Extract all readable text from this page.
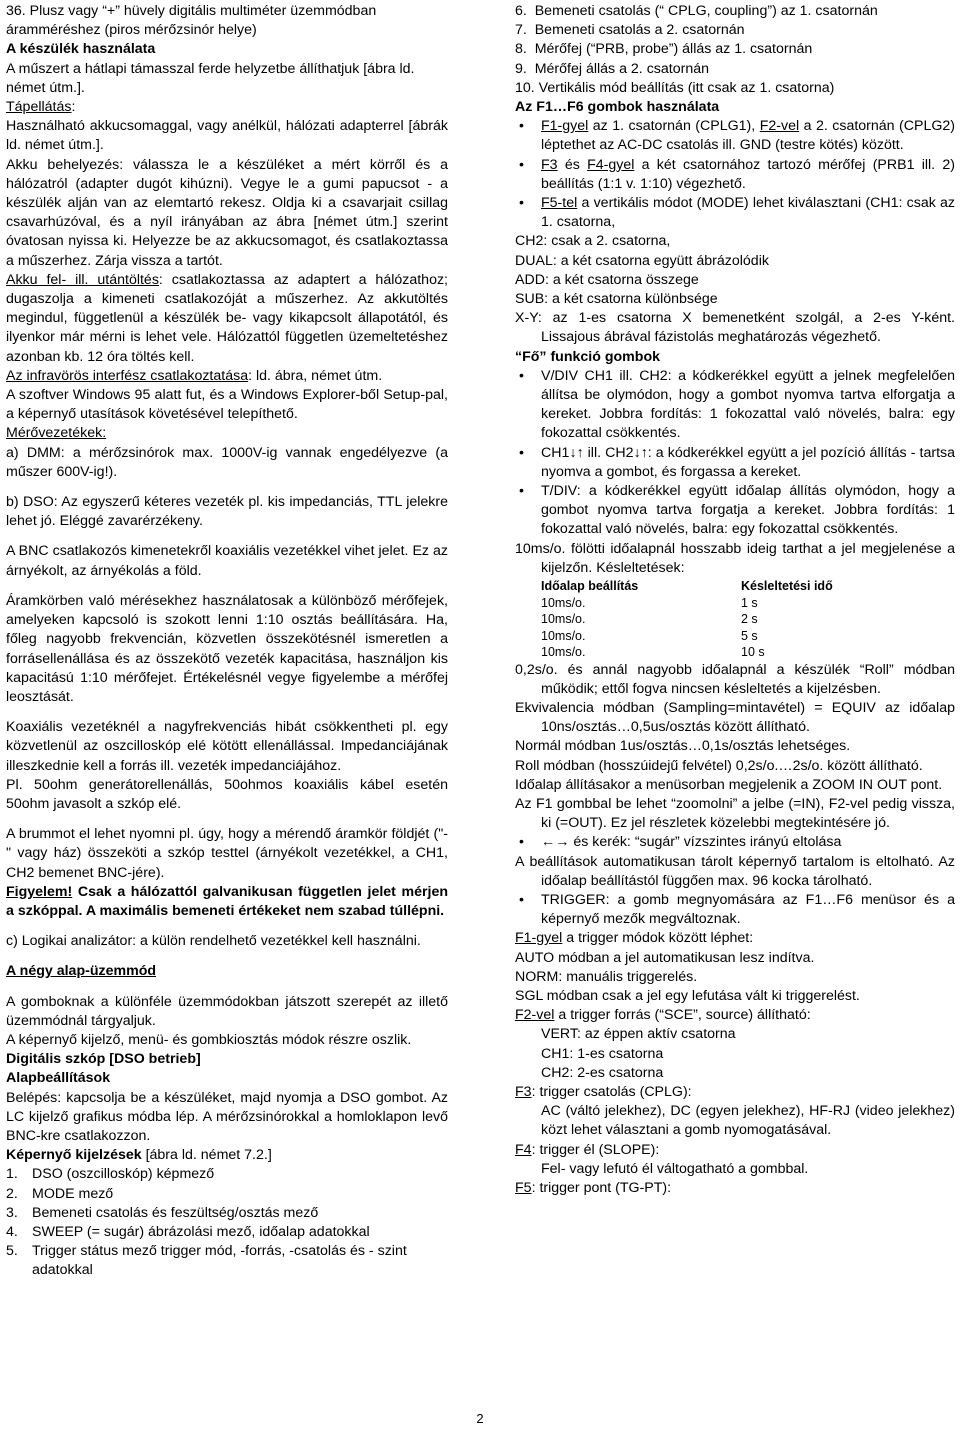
36. Plusz vagy “+” hüvely digitális multiméter üzemmódban áramméréshez (piros mérőzsinór helye)

A készülék használata

A műszert a hátlapi támasszal ferde helyzetbe állíthatjuk [ábra ld. német útm.].

Tápellátás:

Használható akkucsomaggal, vagy anélkül, hálózati adapterrel [ábrák ld. német útm.].

Akku behelyezés: válassza le a készüléket a mért körről és a hálózatról (adapter dugót kihúzni). Vegye le a gumi papucsot - a készülék alján van az elemtartó rekesz. Oldja ki a csavarjait csillag csavarhúzóval, és a nyíl irányában az ábra [német útm.] szerint óvatosan nyissa ki. Helyezze be az akkucsomagot, és csatlakoztassa a műszerhez. Zárja vissza a tartót.

Akku fel- ill. utántöltés: csatlakoztassa az adaptert a hálózathoz; dugaszolja a kimeneti csatlakozóját a műszerhez. Az akkutöltés megindul, függetlenül a készülék be- vagy kikapcsolt állapotától, és ilyenkor már mérni is lehet vele. Hálózattól független üzemeltetéshez azonban kb. 12 óra töltés kell.

Az infravörös interfész csatlakoztatása: ld. ábra, német útm.

A szoftver Windows 95 alatt fut, és a Windows Explorer-ből Setup-pal, a képernyő utasítások követésével telepíthető.

Mérővezetékek:

a) DMM: a mérőzsinórok max. 1000V-ig vannak engedélyezve (a műszer 600V-ig!).

b) DSO: Az egyszerű kéteres vezeték pl. kis impedanciás, TTL jelekre lehet jó. Eléggé zavarérzékeny.

A BNC csatlakozós kimenetekről koaxiális vezetékkel vihet jelet. Ez az árnyékolt, az árnyékolás a föld.

Áramkörben való mérésekhez használatosak a különböző mérőfejek, amelyeken kapcsoló is szokott lenni 1:10 osztás beállítására. Ha, főleg nagyobb frekvencián, közvetlen összekötésnél ismeretlen a forrásellenállása és az összekötő vezeték kapacitása, használjon kis kapacitású 1:10 mérőfejet. Értékelésnél vegye figyelembe a mérőfej leosztását.

Koaxiális vezetéknél a nagyfrekvenciás hibát csökkentheti pl. egy közvetlenül az oszcilloskóp elé kötött ellenállással. Impedanciájának illeszkednie kell a forrás ill. vezeték impedanciájához.

Pl. 50ohm generátorellenállás, 50ohmos koaxiális kábel esetén 50ohm javasolt a szkóp elé.

A brummot el lehet nyomni pl. úgy, hogy a mérendő áramkör földjét ("-" vagy ház) összeköti a szkóp testtel (árnyékolt vezetékkel, a CH1, CH2 bemenet BNC-jére).

Figyelem! Csak a hálózattól galvanikusan független jelet mérjen a szkóppal. A maximális bemeneti értékeket nem szabad túllépni.

c) Logikai analizátor: a külön rendelhető vezetékkel kell használni.

A négy alap-üzemmód

A gomboknak a különféle üzemmódokban játszott szerepét az illető üzemmódnál tárgyaljuk.

A képernyő kijelző, menü- és gombkiosztás módok részre oszlik.

Digitális szkóp [DSO betrieb]

Alapbeállítások

Belépés: kapcsolja be a készüléket, majd nyomja a DSO gombot. Az LC kijelző grafikus módba lép. A mérőzsinórokkal a homloklapon levő BNC-kre csatlakozzon.

Képernyő kijelzések [ábra ld. német 7.2.]

1. DSO (oszcilloskóp) képmező

2. MODE mező

3. Bemeneti csatolás és feszültség/osztás mező

4. SWEEP (= sugár) ábrázolási mező, időalap adatokkal

5. Trigger státus mező trigger mód, -forrás, -csatolás és - szint adatokkal

6.  Bemeneti csatolás (“ CPLG, coupling”) az 1. csatornán

7.  Bemeneti csatolás a 2. csatornán

8.  Mérőfej (“PRB, probe”) állás az 1. csatornán

9.  Mérőfej állás a 2. csatornán

10. Vertikális mód beállítás (itt csak az 1. csatorna)

Az F1…F6 gombok használata

• F1-gyel az 1. csatornán (CPLG1), F2-vel a 2. csatornán (CPLG2) léptethet az AC-DC csatolás ill. GND (testre kötés) között.

• F3 és F4-gyel a két csatornához tartozó mérőfej (PRB1 ill. 2) beállítás (1:1 v. 1:10) végezhető.

• F5-tel a vertikális módot (MODE) lehet kiválasztani (CH1: csak az 1. csatorna,

CH2: csak a 2. csatorna,

DUAL: a két csatorna együtt ábrázolódik

ADD: a két csatorna összege

SUB: a két csatorna különbsége

X-Y: az 1-es csatorna X bemenetként szolgál, a 2-es Y-ként. Lissajous ábrával fázistolás meghatározás végezhető.

“Fő” funkció gombok

• V/DIV CH1 ill. CH2: a kódkerékkel együtt a jelnek megfelelően állítsa be olymódon, hogy a gombot nyomva tartva elforgatja a kereket. Jobbra fordítás: 1 fokozattal való növelés, balra: egy fokozattal csökkentés.

• CH1↓↑ ill. CH2↓↑: a kódkerékkel együtt a jel pozíció állítás - tartsa nyomva a gombot, és forgassa a kereket.

• T/DIV: a kódkerékkel együtt időalap állítás olymódon, hogy a gombot nyomva tartva forgatja a kereket. Jobbra fordítás: 1 fokozattal való növelés, balra: egy fokozattal csökkentés.

10ms/o. fölötti időalapnál hosszabb ideig tarthat a jel megjelenése a kijelzőn. Késleltetések:

Időalap beállítás	Késleltetési idő
10ms/o.	1 s
10ms/o.	2 s
10ms/o.	5 s
10ms/o.	10 s

0,2s/o. és annál nagyobb időalapnál a készülék “Roll” módban működik; ettől fogva nincsen késleltetés a kijelzésben.

Ekvivalencia módban (Sampling=mintavétel) = EQUIV az időalap 10ns/osztás…0,5us/osztás között állítható.

Normál módban 1us/osztás…0,1s/osztás lehetséges.

Roll módban (hosszúidejű felvétel) 0,2s/o.…2s/o. között állítható.

Időalap állításakor a menüsorban megjelenik a ZOOM IN OUT pont.

Az F1 gombbal be lehet “zoomolni” a jelbe (=IN), F2-vel pedig vissza, ki (=OUT). Ez jel részletek közelebbi megtekintésére jó.

• ←→ és kerék: “sugár” vízszintes irányú eltolása

A beállítások automatikusan tárolt képernyő tartalom is eltolható. Az időalap beállítástól függően max. 96 kocka tárolható.

• TRIGGER: a gomb megnyomására az F1…F6 menüsor és a képernyő mezők megváltoznak.

F1-gyel a trigger módok között léphet:

AUTO módban a jel automatikusan lesz indítva.

NORM: manuális triggerelés.

SGL módban csak a jel egy lefutása vált ki triggerelést.

F2-vel a trigger forrás (“SCE”, source) állítható:

VERT: az éppen aktív csatorna

CH1: 1-es csatorna

CH2: 2-es csatorna

F3: trigger csatolás (CPLG):

AC (váltó jelekhez), DC (egyen jelekhez), HF-RJ (video jelekhez) közt lehet választani a gomb nyomogatásával.

F4: trigger él (SLOPE):

Fel- vagy lefutó él váltogatható a gombbal.

F5: trigger pont (TG-PT):

2
